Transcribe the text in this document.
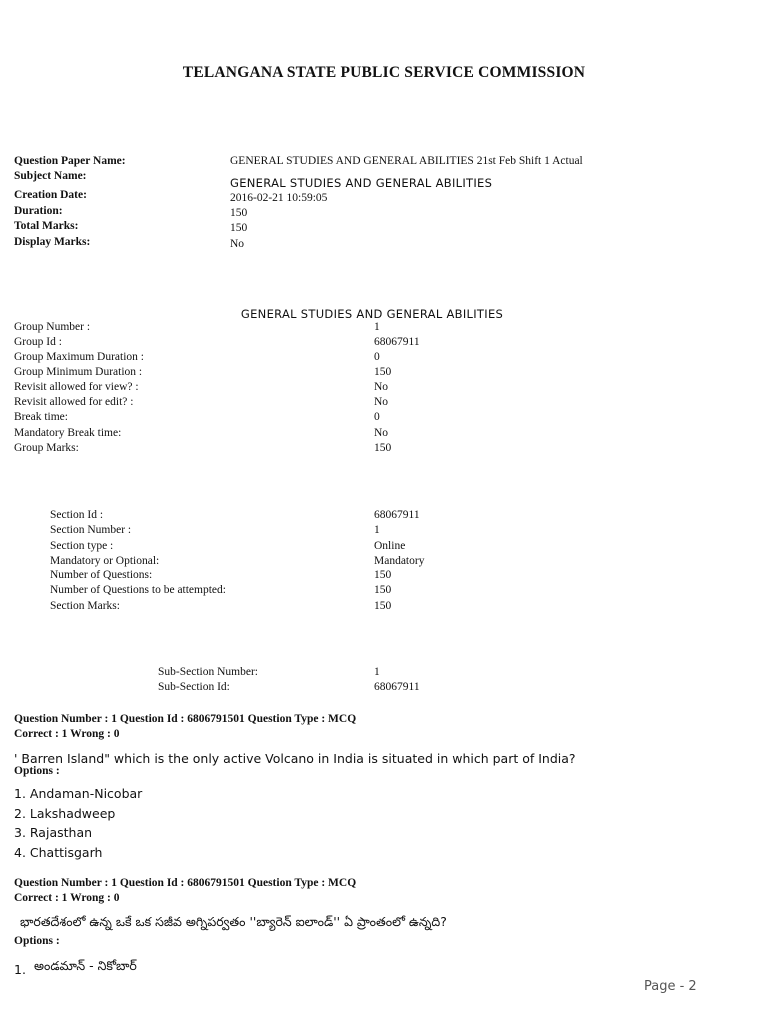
TELANGANA STATE PUBLIC SERVICE COMMISSION
Question Paper Name:	GENERAL STUDIES AND GENERAL ABILITIES 21st Feb Shift 1 Actual
Subject Name:	GENERAL STUDIES AND GENERAL ABILITIES
Creation Date:	2016-02-21 10:59:05
Duration:	150
Total Marks:	150
Display Marks:	No
GENERAL STUDIES AND GENERAL ABILITIES
Group Number :	1
Group Id :	68067911
Group Maximum Duration :	0
Group Minimum Duration :	150
Revisit allowed for view? :	No
Revisit allowed for edit? :	No
Break time:	0
Mandatory Break time:	No
Group Marks:	150
Section Id :	68067911
Section Number :	1
Section type :	Online
Mandatory or Optional:	Mandatory
Number of Questions:	150
Number of Questions to be attempted:	150
Section Marks:	150
Sub-Section Number:	1
Sub-Section Id:	68067911
Question Number : 1 Question Id : 6806791501 Question Type : MCQ
Correct : 1 Wrong : 0
' Barren Island" which is the only active Volcano in India is situated in which part of India?
Options :
1. Andaman-Nicobar
2. Lakshadweep
3. Rajasthan
4. Chattisgarh
Question Number : 1 Question Id : 6806791501 Question Type : MCQ
Correct : 1 Wrong : 0
భారతదేశంలో ఉన్న ఒకే ఒక సజీవ అగ్నిపర్వతం ''బ్యారెన్ ఐలాండ్'' ఏ ప్రాంతంలో ఉన్నది?
Options :
1. అండమాన్ - నికోబార్
Page - 2
